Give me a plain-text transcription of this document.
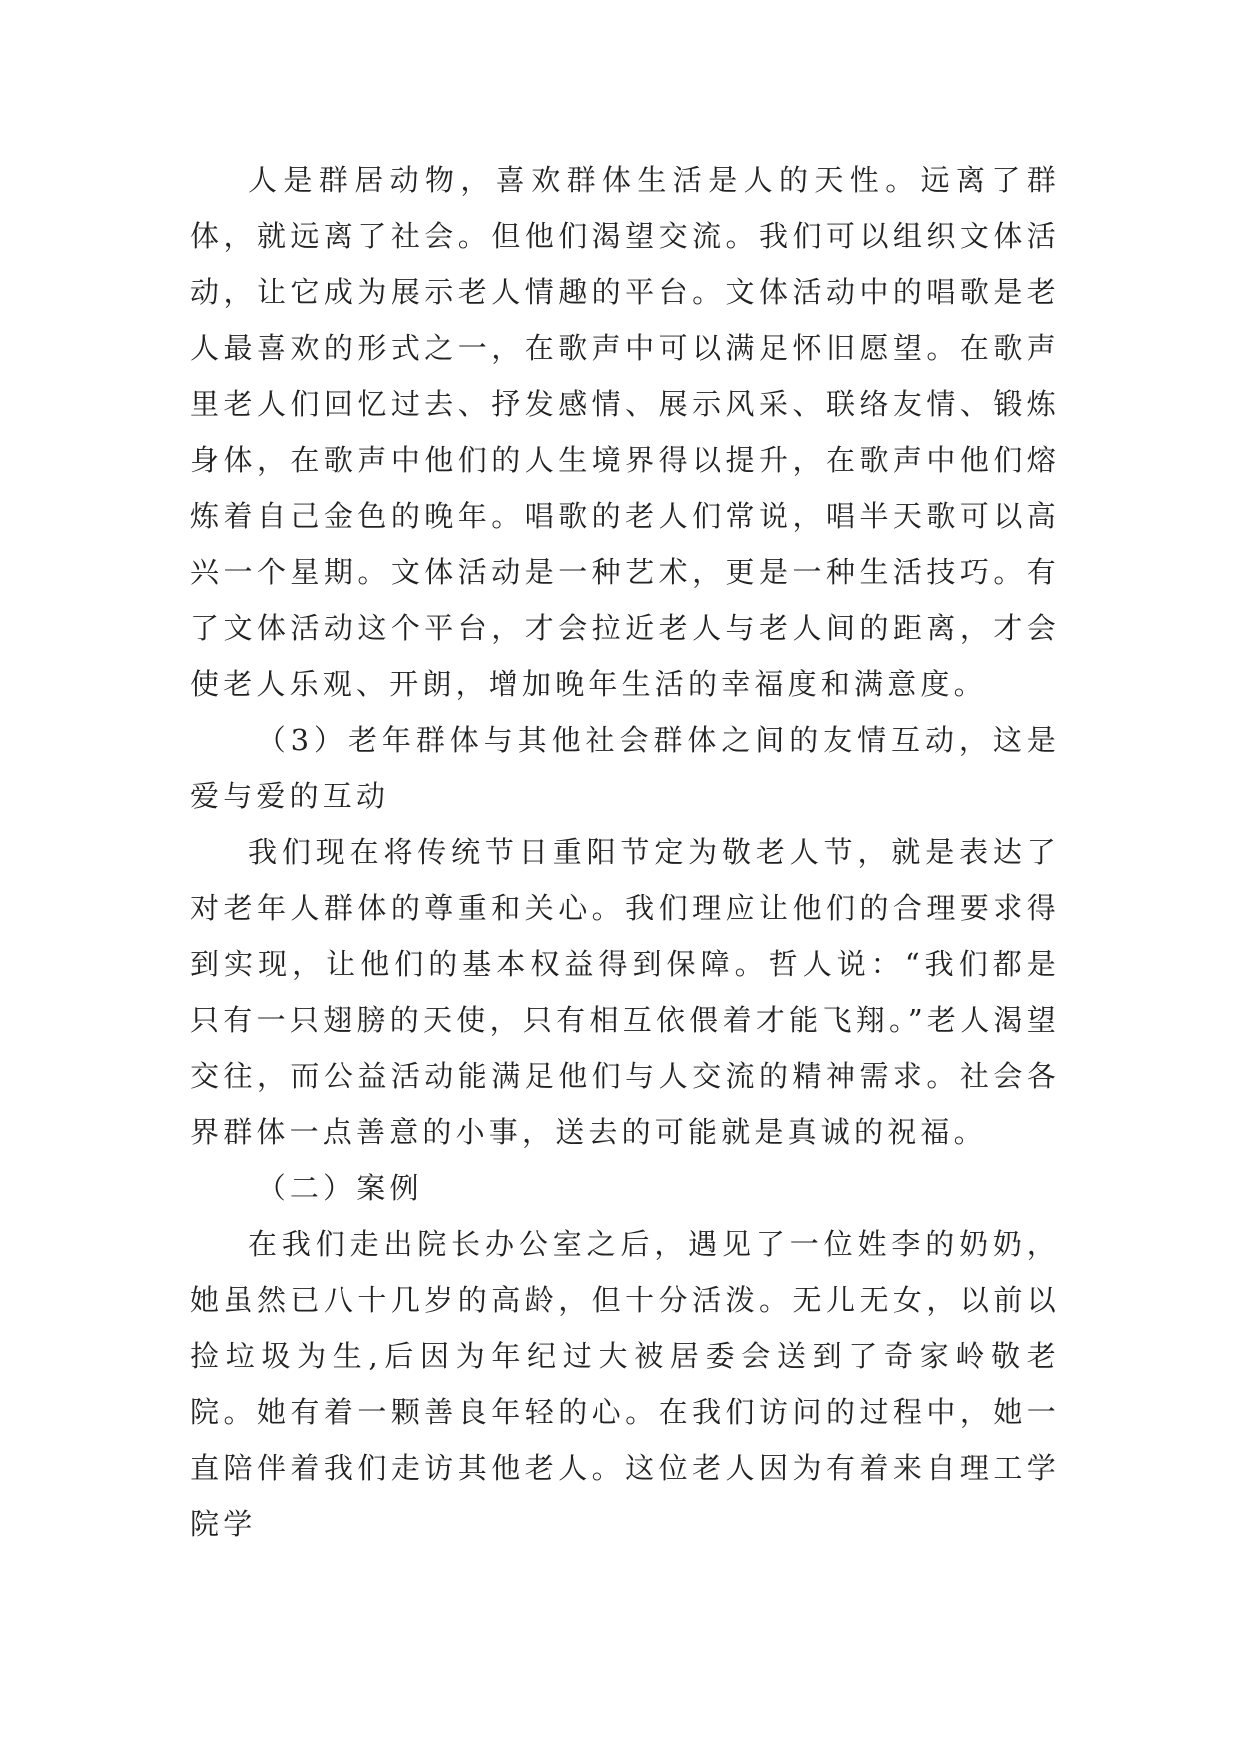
人是群居动物，喜欢群体生活是人的天性。远离了群体，就远离了社会。但他们渴望交流。我们可以组织文体活动，让它成为展示老人情趣的平台。文体活动中的唱歌是老人最喜欢的形式之一，在歌声中可以满足怀旧愿望。在歌声里老人们回忆过去、抒发感情、展示风采、联络友情、锻炼身体，在歌声中他们的人生境界得以提升，在歌声中他们熔炼着自己金色的晚年。唱歌的老人们常说，唱半天歌可以高兴一个星期。文体活动是一种艺术，更是一种生活技巧。有了文体活动这个平台，才会拉近老人与老人间的距离，才会使老人乐观、开朗，增加晚年生活的幸福度和满意度。

（3）老年群体与其他社会群体之间的友情互动，这是爱与爱的互动

我们现在将传统节日重阳节定为敬老人节，就是表达了对老年人群体的尊重和关心。我们理应让他们的合理要求得到实现，让他们的基本权益得到保障。哲人说：“我们都是只有一只翅膀的天使，只有相互依偎着才能飞翔。”老人渴望交往，而公益活动能满足他们与人交流的精神需求。社会各界群体一点善意的小事，送去的可能就是真诚的祝福。

（二）案例

在我们走出院长办公室之后，遇见了一位姓李的奶奶，她虽然已八十几岁的高龄，但十分活泼。无儿无女，以前以捡垃圾为生,后因为年纪过大被居委会送到了奇家岭敬老院。她有着一颗善良年轻的心。在我们访问的过程中，她一直陪伴着我们走访其他老人。这位老人因为有着来自理工学院学
